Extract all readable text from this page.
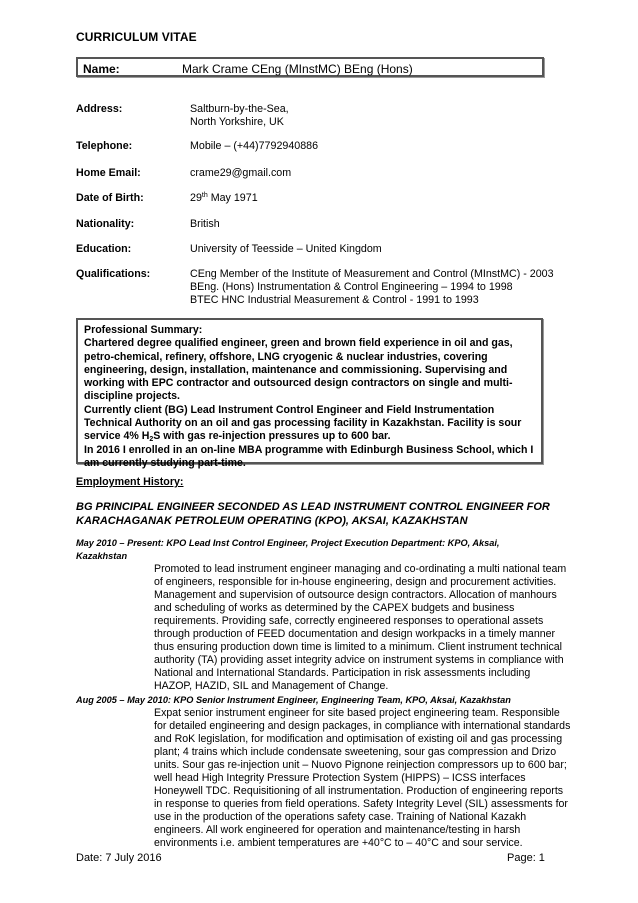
CURRICULUM VITAE
Name:	Mark Crame CEng (MInstMC) BEng (Hons)
Address:	Saltburn-by-the-Sea,
North Yorkshire, UK
Telephone:	Mobile – (+44)7792940886
Home Email:	crame29@gmail.com
Date of Birth:	29th May 1971
Nationality:	British
Education:	University of Teesside – United Kingdom
Qualifications:	CEng Member of the Institute of Measurement and Control (MInstMC) - 2003
BEng. (Hons) Instrumentation & Control Engineering – 1994 to 1998
BTEC HNC Industrial Measurement & Control - 1991 to 1993
Professional Summary:
Chartered degree qualified engineer, green and brown field experience in oil and gas,
petro-chemical, refinery, offshore, LNG cryogenic & nuclear industries, covering
engineering, design, installation, maintenance and commissioning. Supervising and
working with EPC contractor and outsourced design contractors on single and multi-
discipline projects.
Currently client (BG) Lead Instrument Control Engineer and Field Instrumentation
Technical Authority on an oil and gas processing facility in Kazakhstan. Facility is sour
service 4% $H_2S$ with gas re-injection pressures up to 600 bar.
In 2016 I enrolled in an on-line MBA programme with Edinburgh Business School, which I
am currently studying part-time.
Employment History:
BG PRINCIPAL ENGINEER SECONDED AS LEAD INSTRUMENT CONTROL ENGINEER FOR
KARACHAGANAK PETROLEUM OPERATING (KPO), AKSAI, KAZAKHSTAN
May 2010 – Present: KPO Lead Inst Control Engineer, Project Execution Department: KPO, Aksai,
Kazakhstan
Promoted to lead instrument engineer managing and co-ordinating a multi national team
of engineers, responsible for in-house engineering, design and procurement activities.
Management and supervision of outsource design contractors. Allocation of manhours
and scheduling of works as determined by the CAPEX budgets and business
requirements. Providing safe, correctly engineered responses to operational assets
through production of FEED documentation and design workpacks in a timely manner
thus ensuring production down time is limited to a minimum. Client instrument technical
authority (TA) providing asset integrity advice on instrument systems in compliance with
National and International Standards. Participation in risk assessments including
HAZOP, HAZID, SIL and Management of Change.
Aug 2005 – May 2010: KPO Senior Instrument Engineer, Engineering Team, KPO, Aksai, Kazakhstan
Expat senior instrument engineer for site based project engineering team. Responsible
for detailed engineering and design packages, in compliance with international standards
and RoK legislation, for modification and optimisation of existing oil and gas processing
plant; 4 trains which include condensate sweetening, sour gas compression and Drizo
units. Sour gas re-injection unit – Nuovo Pignone reinjection compressors up to 600 bar;
well head High Integrity Pressure Protection System (HIPPS) – ICSS interfaces
Honeywell TDC. Requisitioning of all instrumentation. Production of engineering reports
in response to queries from field operations. Safety Integrity Level (SIL) assessments for
use in the production of the operations safety case. Training of National Kazakh
engineers. All work engineered for operation and maintenance/testing in harsh
environments i.e. ambient temperatures are +40°C to – 40°C and sour service.
Date: 7 July 2016	Page: 1
